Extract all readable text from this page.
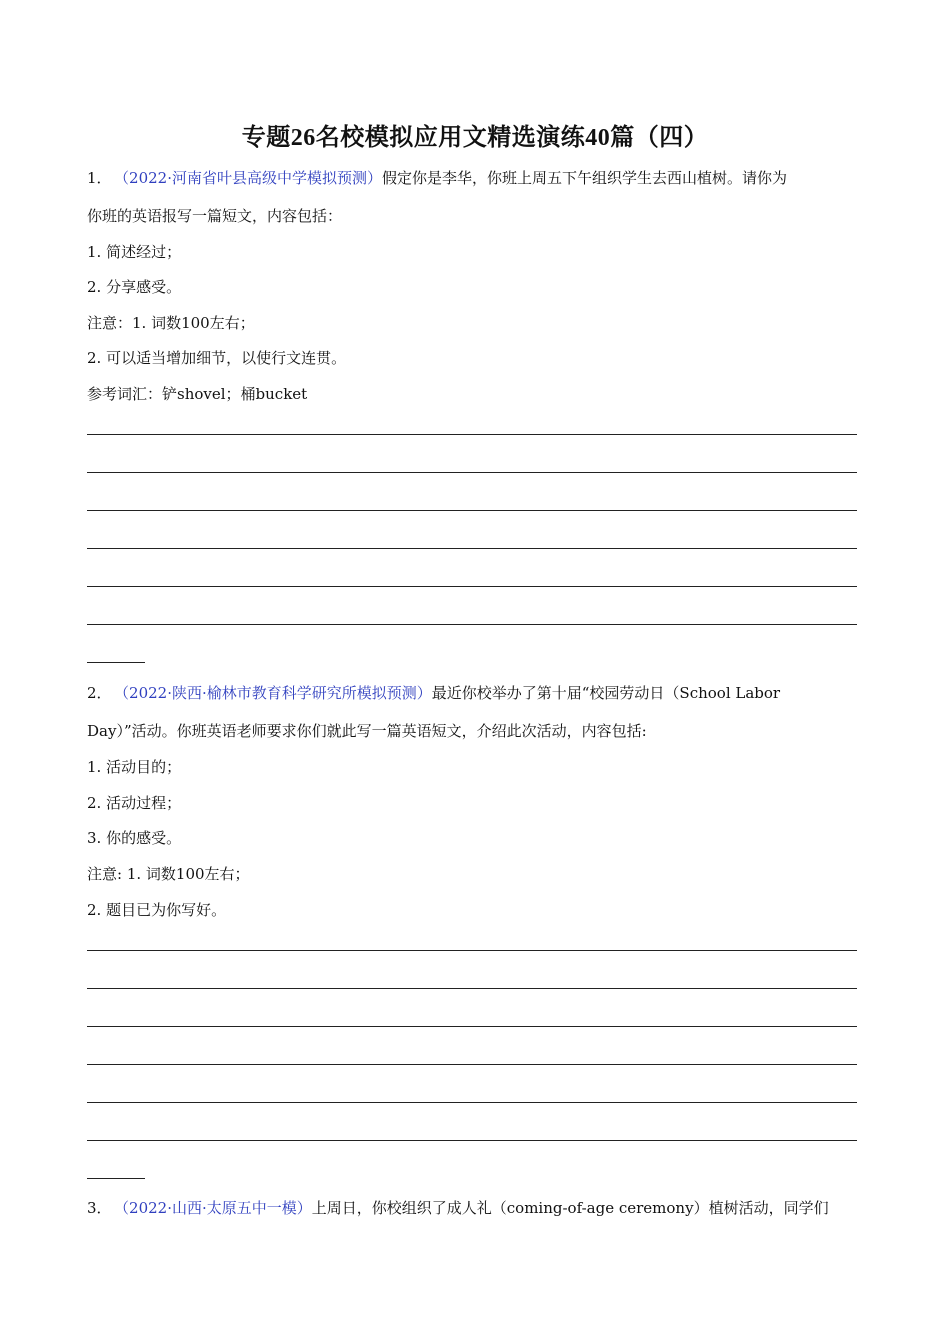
专题26名校模拟应用文精选演练40篇（四）
1． （2022·河南省叶县高级中学模拟预测）假定你是李华，你班上周五下午组织学生去西山植树。请你为
你班的英语报写一篇短文，内容包括：
1. 简述经过；
2. 分享感受。
注意：1. 词数100左右；
2. 可以适当增加细节，以使行文连贯。
参考词汇：铲shovel；桶bucket
2． （2022·陕西·榆林市教育科学研究所模拟预测）最近你校举办了第十届“校园劳动日（School Labor
Day）”活动。你班英语老师要求你们就此写一篇英语短文，介绍此次活动，内容包括:
1. 活动目的；
2. 活动过程；
3. 你的感受。
注意: 1. 词数100左右；
2. 题目已为你写好。
3． （2022·山西·太原五中一模）上周日，你校组织了成人礼（coming-of-age ceremony）植树活动，同学们
